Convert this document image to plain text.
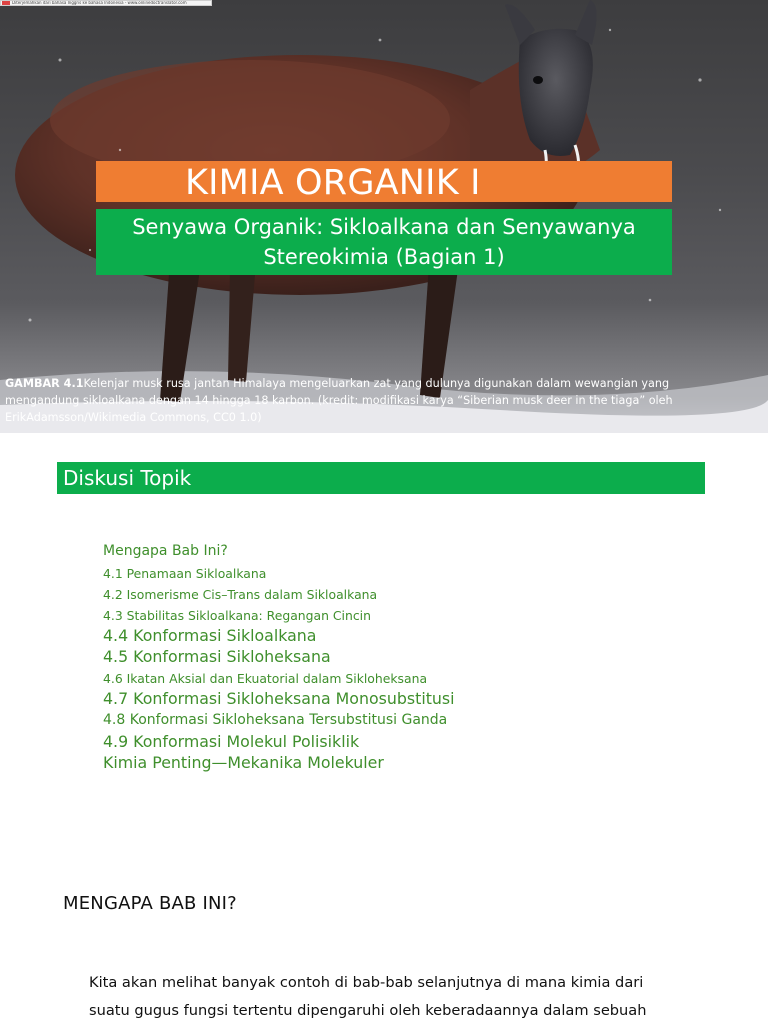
Diterjemahkan dari bahasa Inggris ke bahasa Indonesia - www.onlinedoctranslator.com
KIMIA ORGANIK I
Senyawa Organik: Sikloalkana dan Senyawanya
Stereokimia (Bagian 1)
GAMBAR 4.1Kelenjar musk rusa jantan Himalaya mengeluarkan zat yang dulunya digunakan dalam wewangian yang mengandung sikloalkana dengan 14 hingga 18 karbon. (kredit: modifikasi karya “Siberian musk deer in the tiaga” oleh ErikAdamsson/Wikimedia Commons, CC0 1.0)
Diskusi Topik
Mengapa Bab Ini?
4.1 Penamaan Sikloalkana
4.2 Isomerisme Cis–Trans dalam Sikloalkana
4.3 Stabilitas Sikloalkana: Regangan Cincin
4.4 Konformasi Sikloalkana
4.5 Konformasi Sikloheksana
4.6 Ikatan Aksial dan Ekuatorial dalam Sikloheksana
4.7 Konformasi Sikloheksana Monosubstitusi
4.8 Konformasi Sikloheksana Tersubstitusi Ganda
4.9 Konformasi Molekul Polisiklik
Kimia Penting—Mekanika Molekuler
MENGAPA BAB INI?
Kita akan melihat banyak contoh di bab-bab selanjutnya di mana kimia dari
suatu gugus fungsi tertentu dipengaruhi oleh keberadaannya dalam sebuah
